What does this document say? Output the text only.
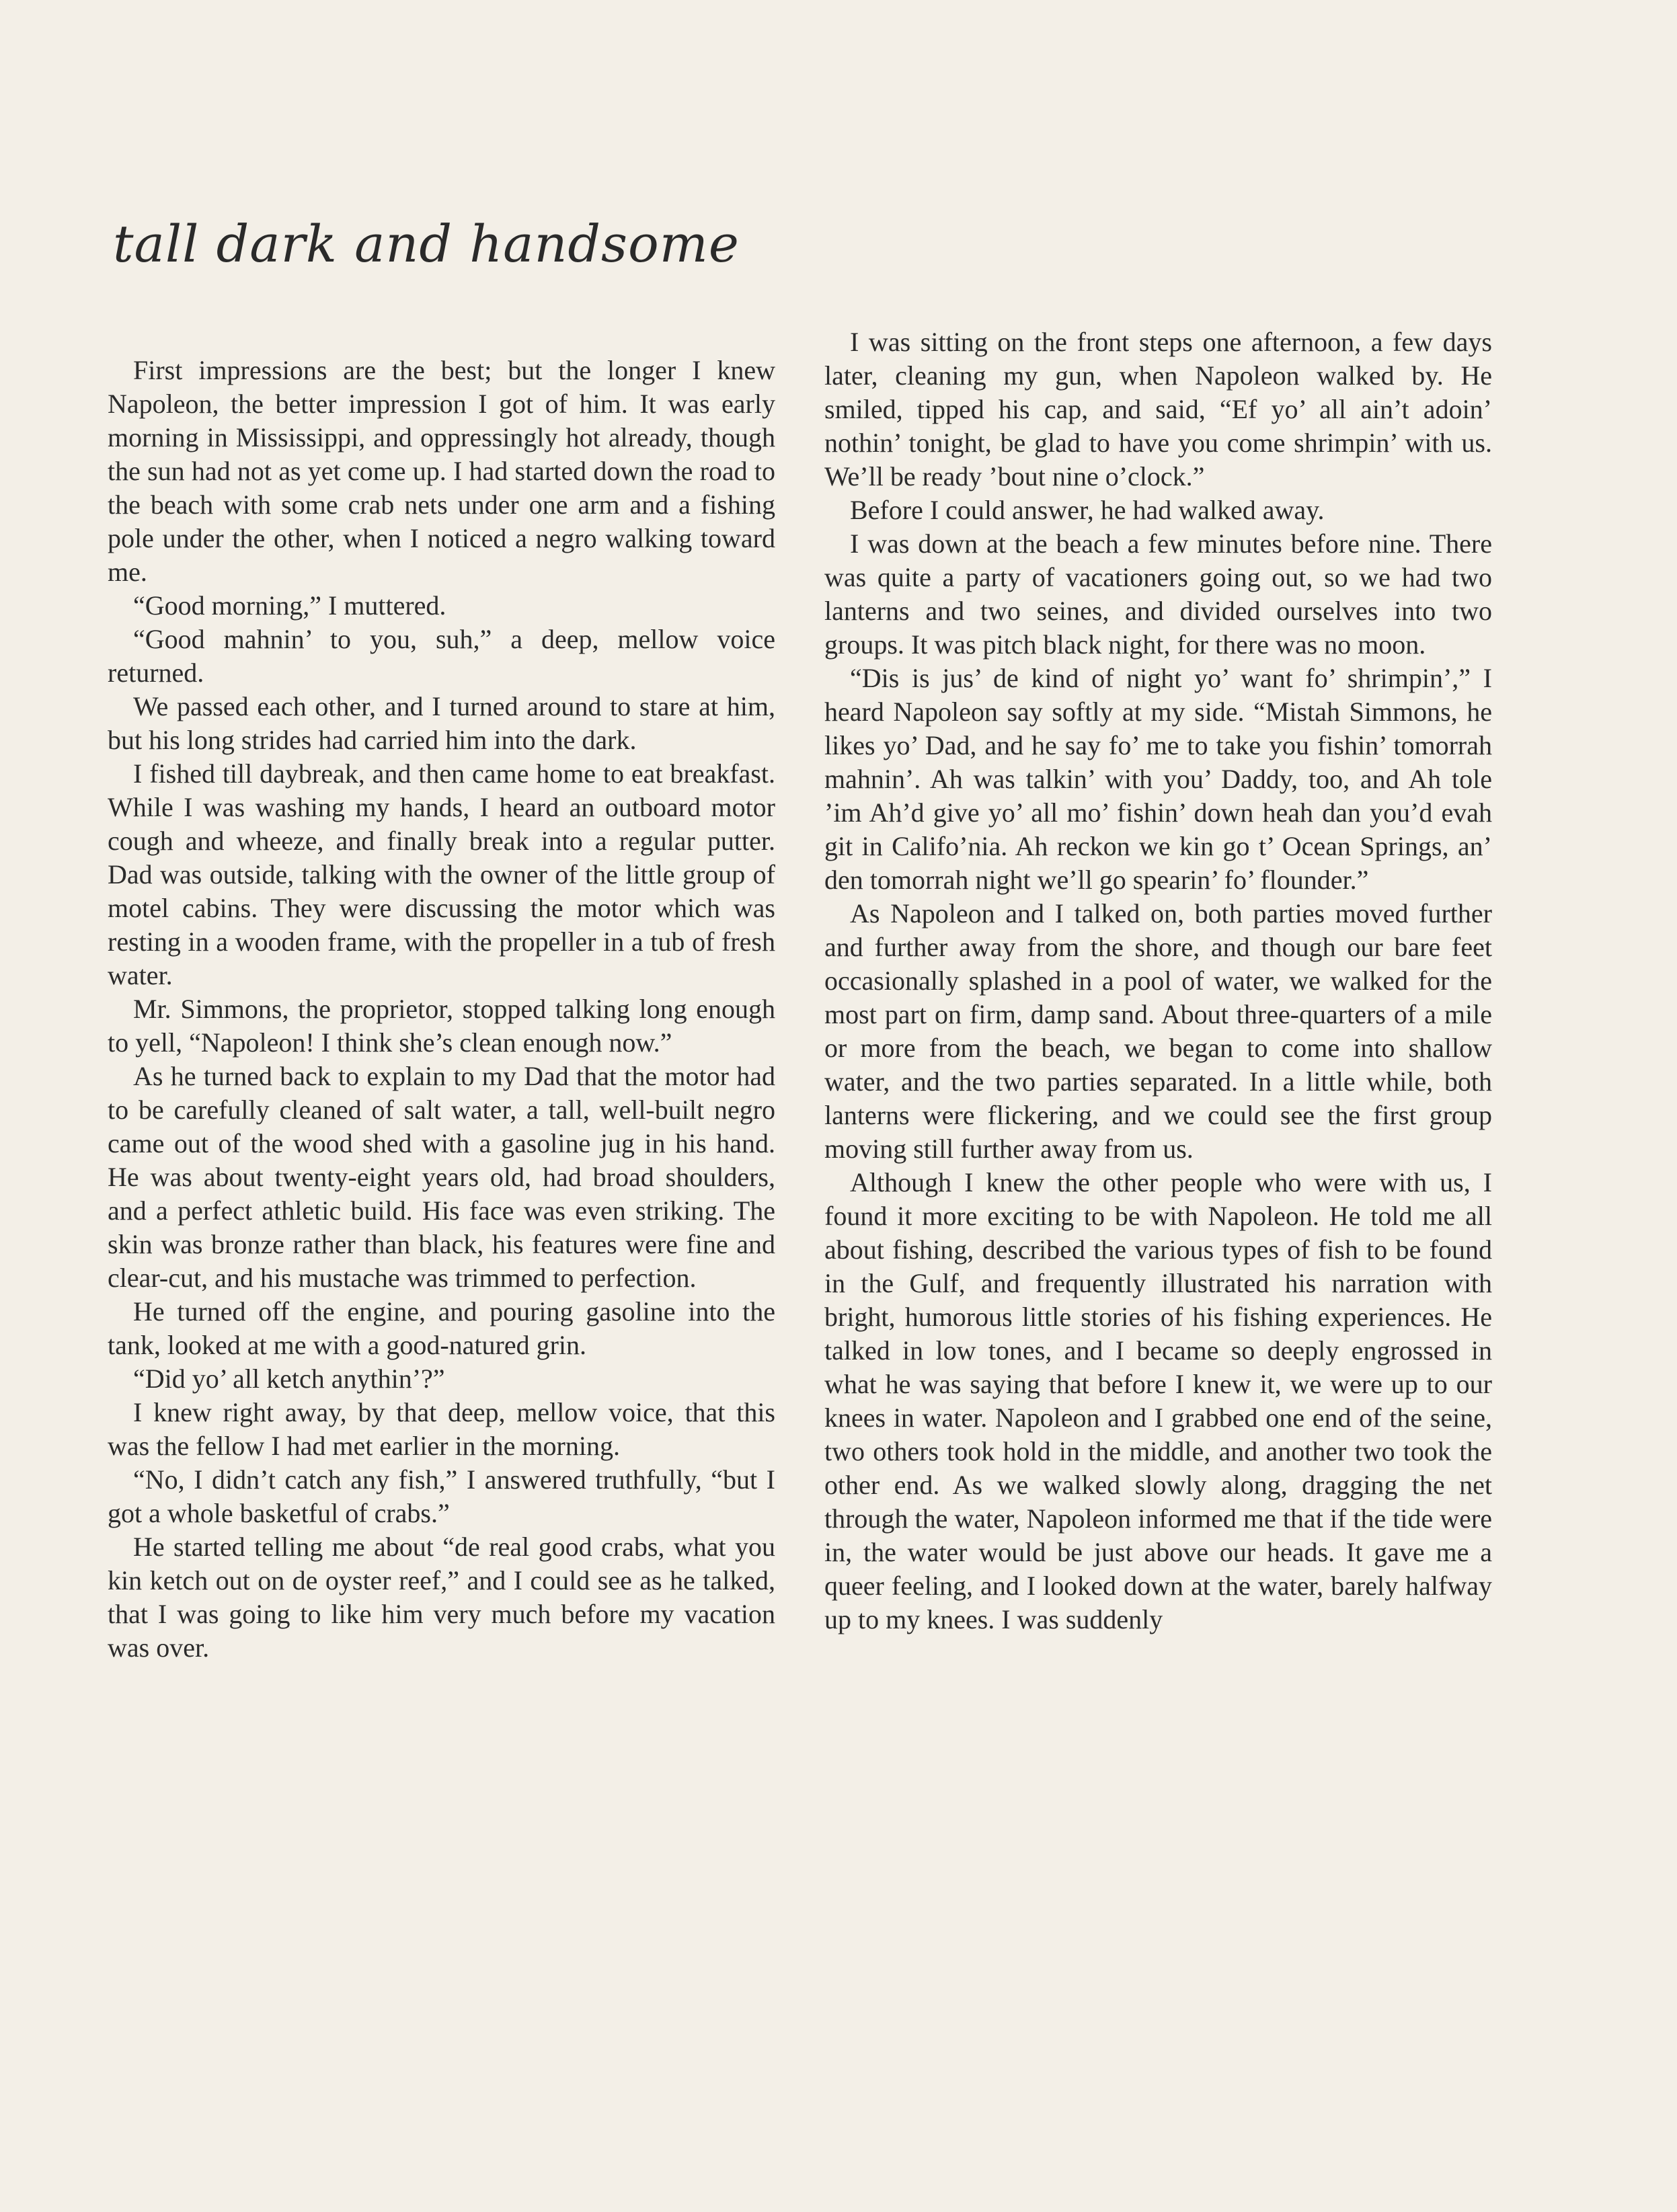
tall dark and handsome

First impressions are the best; but the longer I knew Napoleon, the better impression I got of him. It was early morning in Mississippi, and oppressingly hot already, though the sun had not as yet come up. I had started down the road to the beach with some crab nets under one arm and a fishing pole under the other, when I noticed a negro walking toward me.

“Good morning,” I muttered.

“Good mahnin’ to you, suh,” a deep, mellow voice returned.

We passed each other, and I turned around to stare at him, but his long strides had carried him into the dark.

I fished till daybreak, and then came home to eat breakfast. While I was washing my hands, I heard an outboard motor cough and wheeze, and finally break into a regular putter. Dad was outside, talking with the owner of the little group of motel cabins. They were discussing the motor which was resting in a wooden frame, with the propeller in a tub of fresh water.

Mr. Simmons, the proprietor, stopped talking long enough to yell, “Napoleon! I think she’s clean enough now.”

As he turned back to explain to my Dad that the motor had to be carefully cleaned of salt water, a tall, well-built negro came out of the wood shed with a gasoline jug in his hand. He was about twenty-eight years old, had broad shoulders, and a perfect athletic build. His face was even striking. The skin was bronze rather than black, his features were fine and clear-cut, and his mustache was trimmed to perfection.

He turned off the engine, and pouring gasoline into the tank, looked at me with a good-natured grin.

“Did yo’ all ketch anythin’?”

I knew right away, by that deep, mellow voice, that this was the fellow I had met earlier in the morning.

“No, I didn’t catch any fish,” I answered truthfully, “but I got a whole basketful of crabs.”

He started telling me about “de real good crabs, what you kin ketch out on de oyster reef,” and I could see as he talked, that I was going to like him very much before my vacation was over.

I was sitting on the front steps one afternoon, a few days later, cleaning my gun, when Napoleon walked by. He smiled, tipped his cap, and said, “Ef yo’ all ain’t adoin’ nothin’ tonight, be glad to have you come shrimpin’ with us. We’ll be ready ’bout nine o’clock.”

Before I could answer, he had walked away.

I was down at the beach a few minutes before nine. There was quite a party of vacationers going out, so we had two lanterns and two seines, and divided ourselves into two groups. It was pitch black night, for there was no moon.

“Dis is jus’ de kind of night yo’ want fo’ shrimpin’,” I heard Napoleon say softly at my side. “Mistah Simmons, he likes yo’ Dad, and he say fo’ me to take you fishin’ tomorrah mahnin’. Ah was talkin’ with you’ Daddy, too, and Ah tole ’im Ah’d give yo’ all mo’ fishin’ down heah dan you’d evah git in Califo’nia. Ah reckon we kin go t’ Ocean Springs, an’ den tomorrah night we’ll go spearin’ fo’ flounder.”

As Napoleon and I talked on, both parties moved further and further away from the shore, and though our bare feet occasionally splashed in a pool of water, we walked for the most part on firm, damp sand. About three-quarters of a mile or more from the beach, we began to come into shallow water, and the two parties separated. In a little while, both lanterns were flickering, and we could see the first group moving still further away from us.

Although I knew the other people who were with us, I found it more exciting to be with Napoleon. He told me all about fishing, described the various types of fish to be found in the Gulf, and frequently illustrated his narration with bright, humorous little stories of his fishing experiences. He talked in low tones, and I became so deeply engrossed in what he was saying that before I knew it, we were up to our knees in water. Napoleon and I grabbed one end of the seine, two others took hold in the middle, and another two took the other end. As we walked slowly along, dragging the net through the water, Napoleon informed me that if the tide were in, the water would be just above our heads. It gave me a queer feeling, and I looked down at the water, barely halfway up to my knees. I was suddenly
